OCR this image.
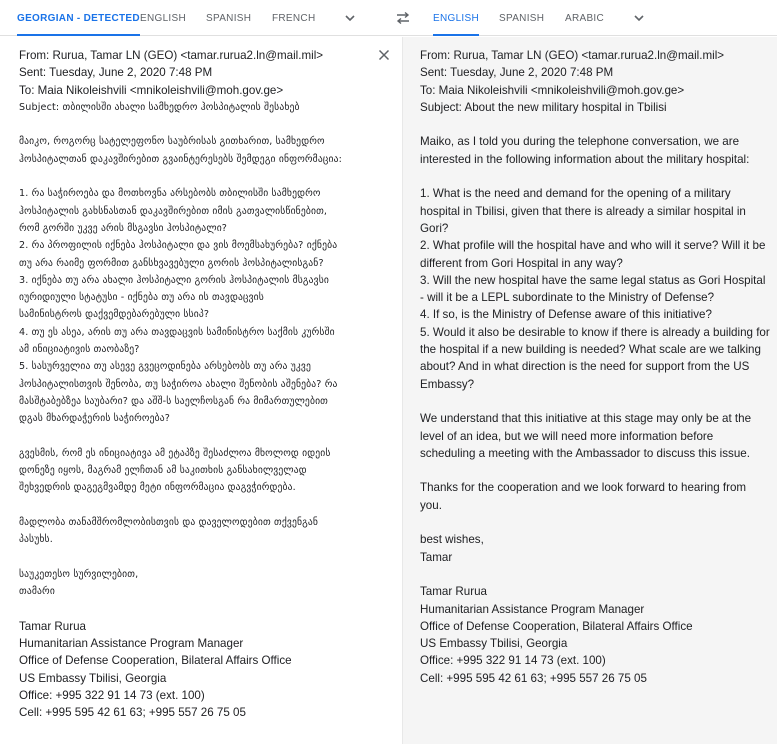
GEORGIAN - DETECTED ENGLISH SPANISH FRENCH	ENGLISH SPANISH ARABIC
From: Rurua, Tamar LN (GEO) <tamar.rurua2.ln@mail.mil>
Sent: Tuesday, June 2, 2020 7:48 PM
To: Maia Nikoleishvili <mnikoleishvili@moh.gov.ge>
Subject: თბილისში ახალი სამხედრო ჰოსპიტალის შესახებ
მაიკო, როგორც სატელეფონო საუბრისას გითხარით, სამხედრო
ჰოსპიტალთან დაკავშირებით გვაინტერესებს შემდეგი ინფორმაცია:
1. რა საჭიროება და მოთხოვნა არსებობს თბილისში სამხედრო
ჰოსპიტალის გახსნასთან დაკავშირებით იმის გათვალისწინებით,
რომ გორში უკვე არის მსგავსი ჰოსპიტალი?
2. რა პროფილის იქნება ჰოსპიტალი და ვის მოემსახურება? იქნება
თუ არა რაიმე ფორმით განსხვავებული გორის ჰოსპიტალისგან?
3. იქნება თუ არა ახალი ჰოსპიტალი გორის ჰოსპიტალის მსგავსი
იურიდიული სტატუსი - იქნება თუ არა ის თავდაცვის
სამინისტროს დაქვემდებარებული სსიპ?
4. თუ ეს ასეა, არის თუ არა თავდაცვის სამინისტრო საქმის კურსში
ამ ინიციატივის თაობაზე?
5. სასურველია თუ ასევე გვეცოდინება არსებობს თუ არა უკვე
ჰოსპიტალისთვის შენობა, თუ საჭიროა ახალი შენობის აშენება? რა
მასშტაბებზეა საუბარი? და აშშ-ს საელჩოსგან რა მიმართულებით
დგას მხარდაჭერის საჭიროება?
გვესმის, რომ ეს ინიციატივა ამ ეტაპზე შესაძლოა მხოლოდ იდეის
დონეზე იყოს, მაგრამ ელჩთან ამ საკითხის განსახილველად
შეხვედრის დაგეგმვამდე მეტი ინფორმაცია დაგვჭირდება.
მადლობა თანამშრომლობისთვის და დაველოდებით თქვენგან
პასუხს.
საუკეთესო სურვილებით,
თამარი
Tamar Rurua
Humanitarian Assistance Program Manager
Office of Defense Cooperation, Bilateral Affairs Office
US Embassy Tbilisi, Georgia
Office: +995 322 91 14 73 (ext. 100)
Cell: +995 595 42 61 63; +995 557 26 75 05
From: Rurua, Tamar LN (GEO) <tamar.rurua2.ln@mail.mil>
Sent: Tuesday, June 2, 2020 7:48 PM
To: Maia Nikoleishvili <mnikoleishvili@moh.gov.ge>
Subject: About the new military hospital in Tbilisi
Maiko, as I told you during the telephone conversation, we are interested in the following information about the military hospital:
1. What is the need and demand for the opening of a military hospital in Tbilisi, given that there is already a similar hospital in Gori?
2. What profile will the hospital have and who will it serve? Will it be different from Gori Hospital in any way?
3. Will the new hospital have the same legal status as Gori Hospital - will it be a LEPL subordinate to the Ministry of Defense?
4. If so, is the Ministry of Defense aware of this initiative?
5. Would it also be desirable to know if there is already a building for the hospital if a new building is needed? What scale are we talking about? And in what direction is the need for support from the US Embassy?
We understand that this initiative at this stage may only be at the level of an idea, but we will need more information before scheduling a meeting with the Ambassador to discuss this issue.
Thanks for the cooperation and we look forward to hearing from you.
best wishes,
Tamar
Tamar Rurua
Humanitarian Assistance Program Manager
Office of Defense Cooperation, Bilateral Affairs Office
US Embassy Tbilisi, Georgia
Office: +995 322 91 14 73 (ext. 100)
Cell: +995 595 42 61 63; +995 557 26 75 05
